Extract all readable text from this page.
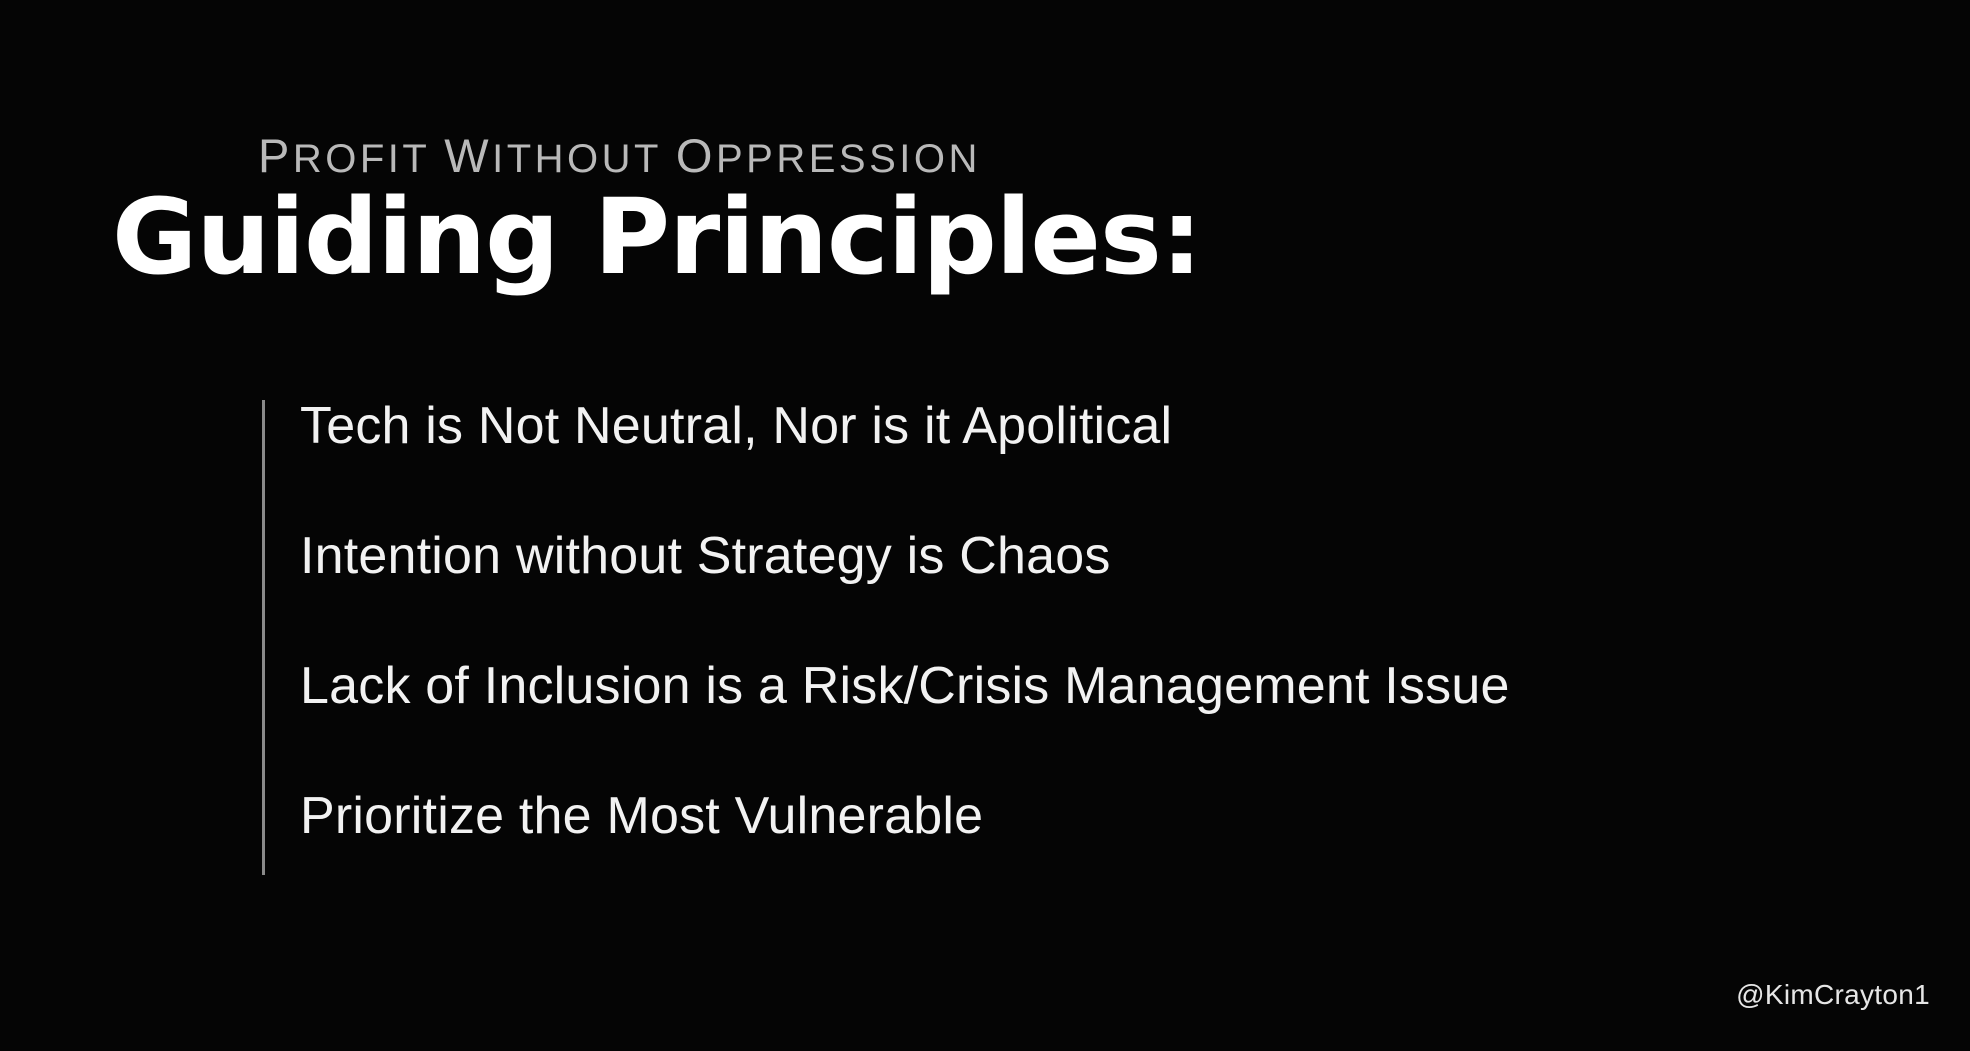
PROFIT WITHOUT OPPRESSION
Guiding Principles:
Tech is Not Neutral, Nor is it Apolitical
Intention without Strategy is Chaos
Lack of Inclusion is a Risk/Crisis Management Issue
Prioritize the Most Vulnerable
@KimCrayton1
